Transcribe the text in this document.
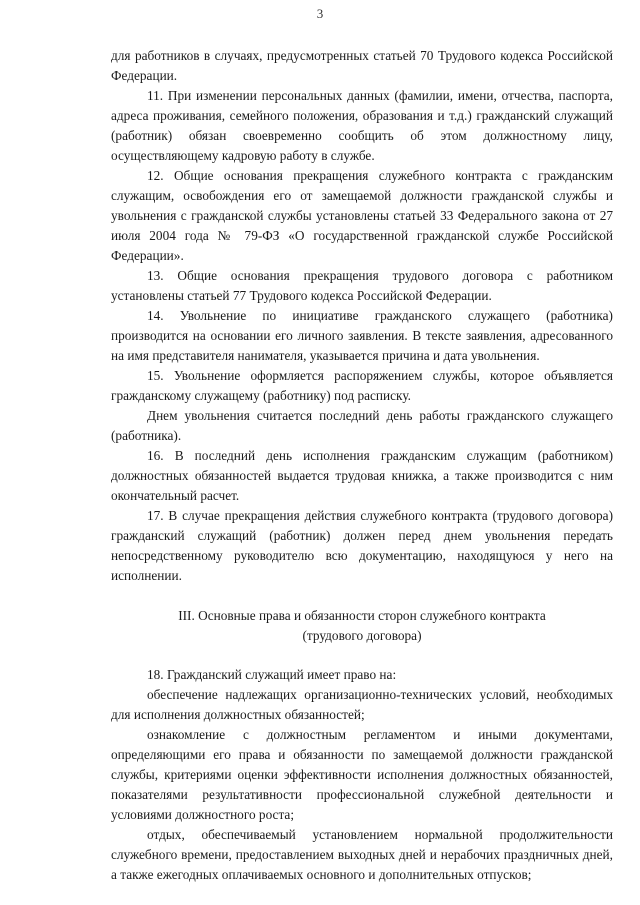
3

для работников в случаях, предусмотренных статьей 70 Трудового кодекса Российской Федерации.

11. При изменении персональных данных (фамилии, имени, отчества, паспорта, адреса проживания, семейного положения, образования и т.д.) гражданский служащий (работник) обязан своевременно сообщить об этом должностному лицу, осуществляющему кадровую работу в службе.

12. Общие основания прекращения служебного контракта с гражданским служащим, освобождения его от замещаемой должности гражданской службы и увольнения с гражданской службы установлены статьей 33 Федерального закона от 27 июля 2004 года № 79-ФЗ «О государственной гражданской службе Российской Федерации».

13. Общие основания прекращения трудового договора с работником установлены статьей 77 Трудового кодекса Российской Федерации.

14. Увольнение по инициативе гражданского служащего (работника) производится на основании его личного заявления. В тексте заявления, адресованного на имя представителя нанимателя, указывается причина и дата увольнения.

15. Увольнение оформляется распоряжением службы, которое объявляется гражданскому служащему (работнику) под расписку.

Днем увольнения считается последний день работы гражданского служащего (работника).

16. В последний день исполнения гражданским служащим (работником) должностных обязанностей выдается трудовая книжка, а также производится с ним окончательный расчет.

17. В случае прекращения действия служебного контракта (трудового договора) гражданский служащий (работник) должен перед днем увольнения передать непосредственному руководителю всю документацию, находящуюся у него на исполнении.

III. Основные права и обязанности сторон служебного контракта

(трудового договора)

18. Гражданский служащий имеет право на:

обеспечение надлежащих организационно-технических условий, необходимых для исполнения должностных обязанностей;

ознакомление с должностным регламентом и иными документами, определяющими его права и обязанности по замещаемой должности гражданской службы, критериями оценки эффективности исполнения должностных обязанностей, показателями результативности профессиональной служебной деятельности и условиями должностного роста;

отдых, обеспечиваемый установлением нормальной продолжительности служебного времени, предоставлением выходных дней и нерабочих праздничных дней, а также ежегодных оплачиваемых основного и дополнительных отпусков;
